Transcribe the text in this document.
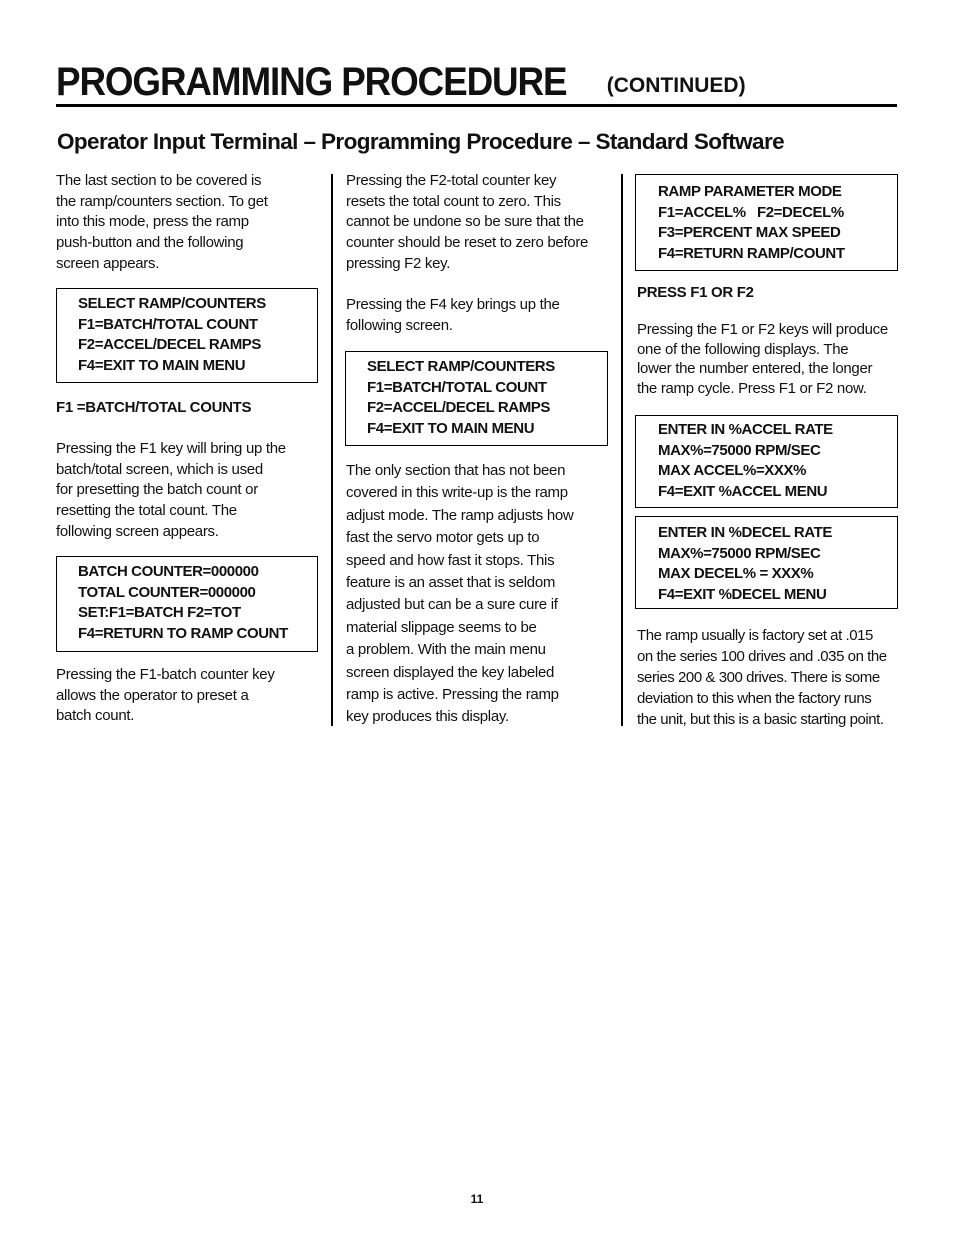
PROGRAMMING PROCEDURE (CONTINUED)
Operator Input Terminal – Programming Procedure – Standard Software

The last section to be covered is
the ramp/counters section. To get
into this mode, press the ramp
push-button and the following
screen appears.

SELECT RAMP/COUNTERS
F1=BATCH/TOTAL COUNT
F2=ACCEL/DECEL RAMPS
F4=EXIT TO MAIN MENU

F1 =BATCH/TOTAL COUNTS

Pressing the F1 key will bring up the
batch/total screen, which is used
for presetting the batch count or
resetting the total count. The
following screen appears.

BATCH COUNTER=000000
TOTAL COUNTER=000000
SET:F1=BATCH F2=TOT
F4=RETURN TO RAMP COUNT

Pressing the F1-batch counter key
allows the operator to preset a
batch count.

Pressing the F2-total counter key
resets the total count to zero. This
cannot be undone so be sure that the
counter should be reset to zero before
pressing F2 key.

Pressing the F4 key brings up the
following screen.

SELECT RAMP/COUNTERS
F1=BATCH/TOTAL COUNT
F2=ACCEL/DECEL RAMPS
F4=EXIT TO MAIN MENU

The only section that has not been
covered in this write-up is the ramp
adjust mode. The ramp adjusts how
fast the servo motor gets up to
speed and how fast it stops. This
feature is an asset that is seldom
adjusted but can be a sure cure if
material slippage seems to be
a problem. With the main menu
screen displayed the key labeled
ramp is active. Pressing the ramp
key produces this display.

RAMP PARAMETER MODE
F1=ACCEL%   F2=DECEL%
F3=PERCENT MAX SPEED
F4=RETURN RAMP/COUNT

PRESS F1 OR F2

Pressing the F1 or F2 keys will produce
one of the following displays. The
lower the number entered, the longer
the ramp cycle. Press F1 or F2 now.

ENTER IN %ACCEL RATE
MAX%=75000 RPM/SEC
MAX ACCEL%=XXX%
F4=EXIT %ACCEL MENU
ENTER IN %DECEL RATE
MAX%=75000 RPM/SEC
MAX DECEL% = XXX%
F4=EXIT %DECEL MENU

The ramp usually is factory set at .015
on the series 100 drives and .035 on the
series 200 & 300 drives. There is some
deviation to this when the factory runs
the unit, but this is a basic starting point.

11
